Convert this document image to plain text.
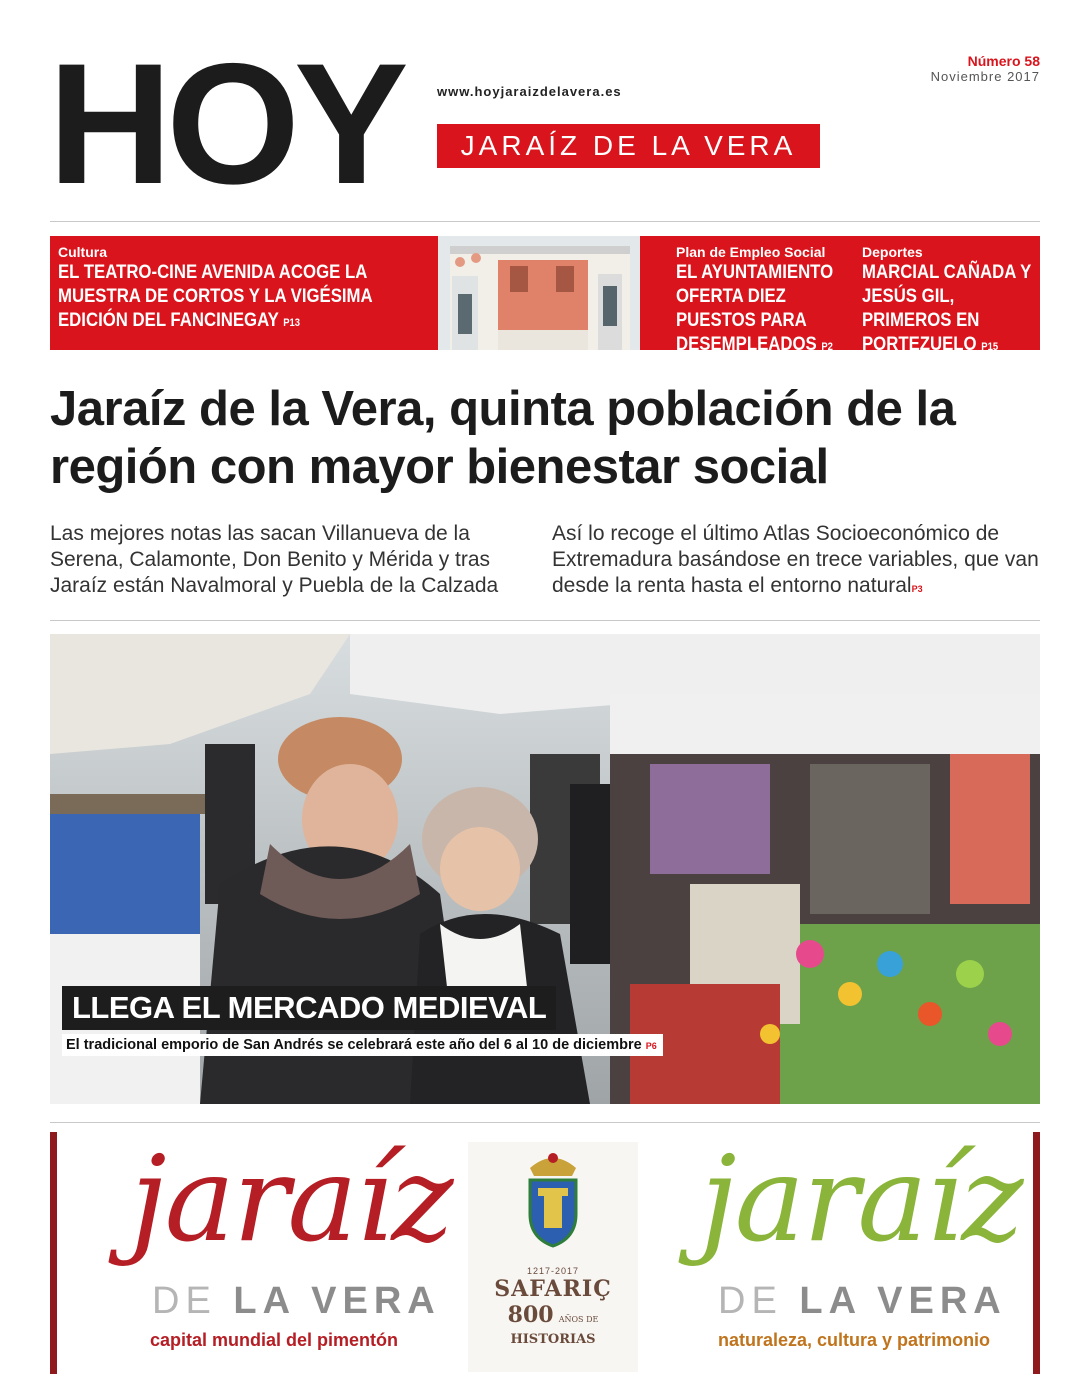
HOY	www.hoyjaraizdelavera.es
JARAÍZ DE LA VERA
Número 58
Noviembre 2017
Cultura
EL TEATRO-CINE AVENIDA ACOGE LA MUESTRA DE CORTOS Y LA VIGÉSIMA EDICIÓN DEL FANCINEGAY P13
Plan de Empleo Social
EL AYUNTAMIENTO OFERTA DIEZ PUESTOS PARA DESEMPLEADOS P2
Deportes
MARCIAL CAÑADA Y JESÚS GIL, PRIMEROS EN PORTEZUELO P15
Jaraíz de la Vera, quinta población de la región con mayor bienestar social
Las mejores notas las sacan Villanueva de la Serena, Calamonte, Don Benito y Mérida y tras Jaraíz están Navalmoral y Puebla de la Calzada
Así lo recoge el último Atlas Socioeconómico de Extremadura basándose en trece variables, que van desde la renta hasta el entorno naturalP3
LLEGA EL MERCADO MEDIEVAL
El tradicional emporio de San Andrés se celebrará este año del 6 al 10 de diciembre P6
jaraíz
DE LA VERA
capital mundial del pimentón
1217-2017
SAFARIÇ
800 AÑOS DE HISTORIAS
jaraíz
DE LA VERA
naturaleza, cultura y patrimonio
